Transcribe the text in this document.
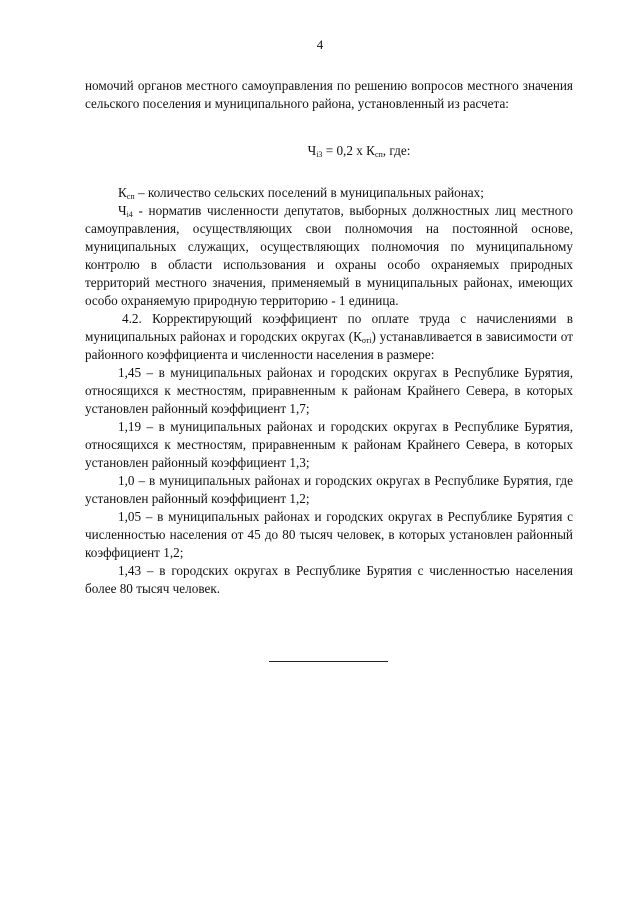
4

номочий органов местного самоуправления по решению вопросов местного значения сельского поселения и муниципального района, установленный из расчета:

$Ч_{i3} = 0,2$ х $К_{сп}$, где:

$К_{сп}$ – количество сельских поселений в муниципальных районах;

$Ч_{i4}$ - норматив численности депутатов, выборных должностных лиц местного самоуправления, осуществляющих свои полномочия на постоянной основе, муниципальных служащих, осуществляющих полномочия по муниципальному контролю в области использования и охраны особо охраняемых природных территорий местного значения, применяемый в муниципальных районах, имеющих особо охраняемую природную территорию - 1 единица.

4.2. Корректирующий коэффициент по оплате труда с начислениями в муниципальных районах и городских округах $(К_{отi})$ устанавливается в зависимости от районного коэффициента и численности населения в размере:

1,45 – в муниципальных районах и городских округах в Республике Бурятия, относящихся к местностям, приравненным к районам Крайнего Севера, в которых установлен районный коэффициент 1,7;

1,19 – в муниципальных районах и городских округах в Республике Бурятия, относящихся к местностям, приравненным к районам Крайнего Севера, в которых установлен районный коэффициент 1,3;

1,0 – в муниципальных районах и городских округах в Республике Бурятия, где установлен районный коэффициент 1,2;

1,05 – в муниципальных районах и городских округах в Республике Бурятия с численностью населения от 45 до 80 тысяч человек, в которых установлен районный коэффициент 1,2;

1,43 – в городских округах в Республике Бурятия с численностью населения более 80 тысяч человек.
